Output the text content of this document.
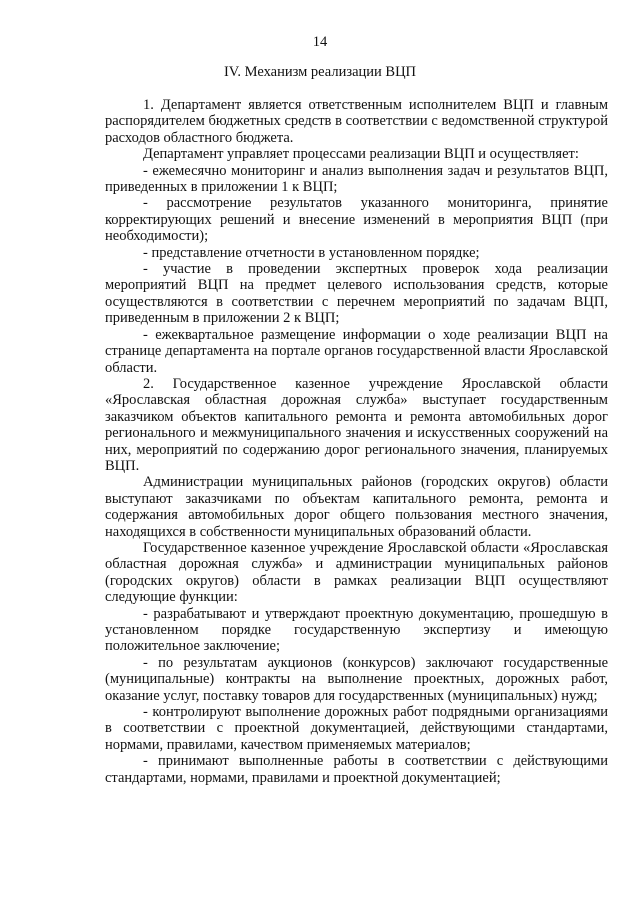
14
IV. Механизм реализации ВЦП

1. Департамент является ответственным исполнителем ВЦП и главным распорядителем бюджетных средств в соответствии с ведомственной структурой расходов областного бюджета.

Департамент управляет процессами реализации ВЦП и осуществляет:

- ежемесячно мониторинг и анализ выполнения задач и результатов ВЦП, приведенных в приложении 1 к ВЦП;

- рассмотрение результатов указанного мониторинга, принятие корректирующих решений и внесение изменений в мероприятия ВЦП (при необходимости);

- представление отчетности в установленном порядке;

- участие в проведении экспертных проверок хода реализации мероприятий ВЦП на предмет целевого использования средств, которые осуществляются в соответствии с перечнем мероприятий по задачам ВЦП, приведенным в приложении 2 к ВЦП;

- ежеквартальное размещение информации о ходе реализации ВЦП на странице департамента на портале органов государственной власти Ярославской области.

2. Государственное казенное учреждение Ярославской области «Ярославская областная дорожная служба» выступает государственным заказчиком объектов капитального ремонта и ремонта автомобильных дорог регионального и межмуниципального значения и искусственных сооружений на них, мероприятий по содержанию дорог регионального значения, планируемых ВЦП.

Администрации муниципальных районов (городских округов) области выступают заказчиками по объектам капитального ремонта, ремонта и содержания автомобильных дорог общего пользования местного значения, находящихся в собственности муниципальных образований области.

Государственное казенное учреждение Ярославской области «Ярославская областная дорожная служба» и администрации муниципальных районов (городских округов) области в рамках реализации ВЦП осуществляют следующие функции:

- разрабатывают и утверждают проектную документацию, прошедшую в установленном порядке государственную экспертизу и имеющую положительное заключение;

- по результатам аукционов (конкурсов) заключают государственные (муниципальные) контракты на выполнение проектных, дорожных работ, оказание услуг, поставку товаров для государственных (муниципальных) нужд;

- контролируют выполнение дорожных работ подрядными организациями в соответствии с проектной документацией, действующими стандартами, нормами, правилами, качеством применяемых материалов;

- принимают выполненные работы в соответствии с действующими стандартами, нормами, правилами и проектной документацией;
